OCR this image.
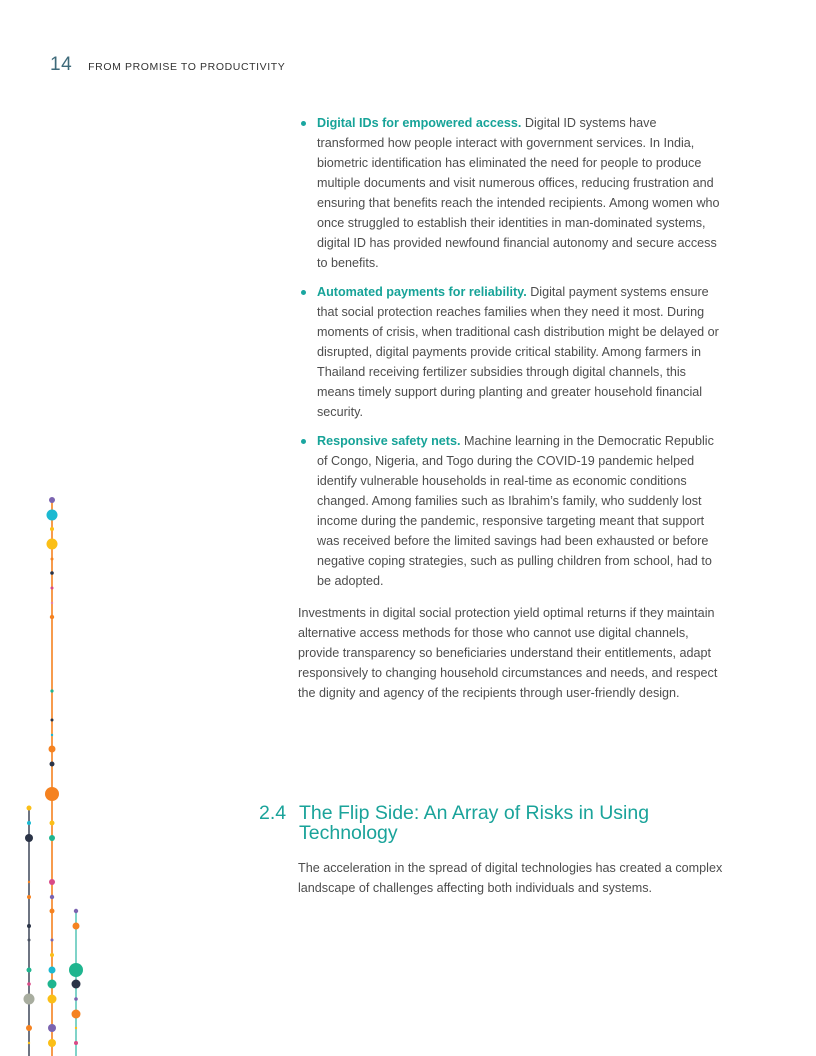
14 FROM PROMISE TO PRODUCTIVITY
Digital IDs for empowered access. Digital ID systems have transformed how people interact with government services. In India, biometric identification has eliminated the need for people to produce multiple documents and visit numerous offices, reducing frustration and ensuring that benefits reach the intended recipients. Among women who once struggled to establish their identities in man-dominated systems, digital ID has provided newfound financial autonomy and secure access to benefits.
Automated payments for reliability. Digital payment systems ensure that social protection reaches families when they need it most. During moments of crisis, when traditional cash distribution might be delayed or disrupted, digital payments provide critical stability. Among farmers in Thailand receiving fertilizer subsidies through digital channels, this means timely support during planting and greater household financial security.
Responsive safety nets. Machine learning in the Democratic Republic of Congo, Nigeria, and Togo during the COVID-19 pandemic helped identify vulnerable households in real-time as economic conditions changed. Among families such as Ibrahim’s family, who suddenly lost income during the pandemic, responsive targeting meant that support was received before the limited savings had been exhausted or before negative coping strategies, such as pulling children from school, had to be adopted.

Investments in digital social protection yield optimal returns if they maintain alternative access methods for those who cannot use digital channels, provide transparency so beneficiaries understand their entitlements, adapt responsively to changing household circumstances and needs, and respect the dignity and agency of the recipients through user-friendly design.

2.4 The Flip Side: An Array of Risks in Using Technology

The acceleration in the spread of digital technologies has created a complex landscape of challenges affecting both individuals and systems.
